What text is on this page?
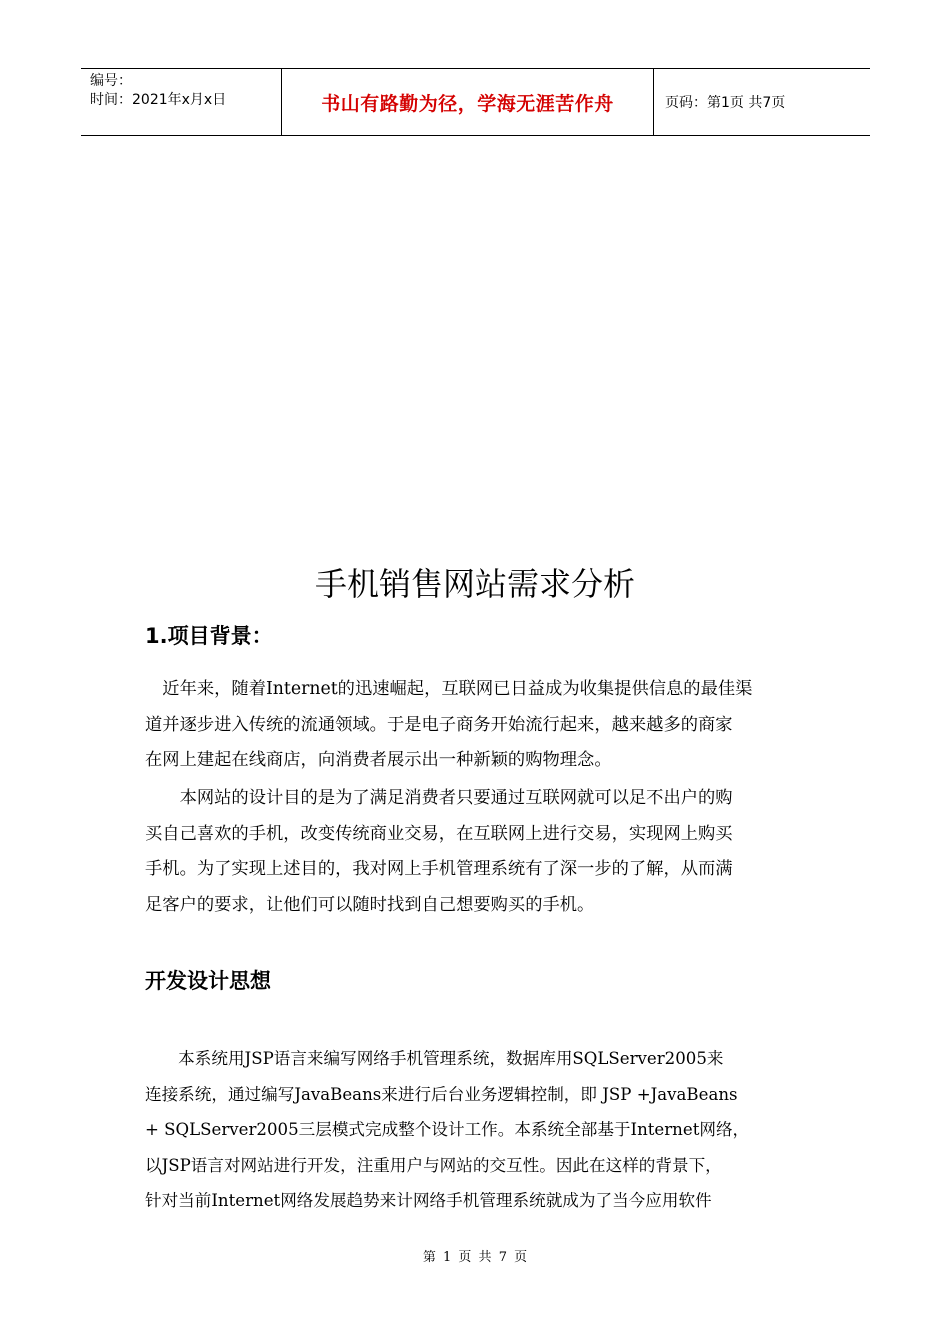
编号：
时间：2021年x月x日	书山有路勤为径，学海无涯苦作舟	页码：第1页 共7页
手机销售网站需求分析
1.项目背景：
　近年来，随着Internet的迅速崛起，互联网已日益成为收集提供信息的最佳渠
道并逐步进入传统的流通领域。于是电子商务开始流行起来，越来越多的商家
在网上建起在线商店，向消费者展示出一种新颖的购物理念。
　　本网站的设计目的是为了满足消费者只要通过互联网就可以足不出户的购
买自己喜欢的手机，改变传统商业交易，在互联网上进行交易，实现网上购买
手机。为了实现上述目的，我对网上手机管理系统有了深一步的了解，从而满
足客户的要求，让他们可以随时找到自己想要购买的手机。
开发设计思想
　　本系统用JSP语言来编写网络手机管理系统，数据库用SQLServer2005来
连接系统，通过编写JavaBeans来进行后台业务逻辑控制，即 JSP +JavaBeans
+ SQLServer2005三层模式完成整个设计工作。本系统全部基于Internet网络，
以JSP语言对网站进行开发，注重用户与网站的交互性。因此在这样的背景下，
针对当前Internet网络发展趋势来计网络手机管理系统就成为了当今应用软件
第 1 页 共 7 页
